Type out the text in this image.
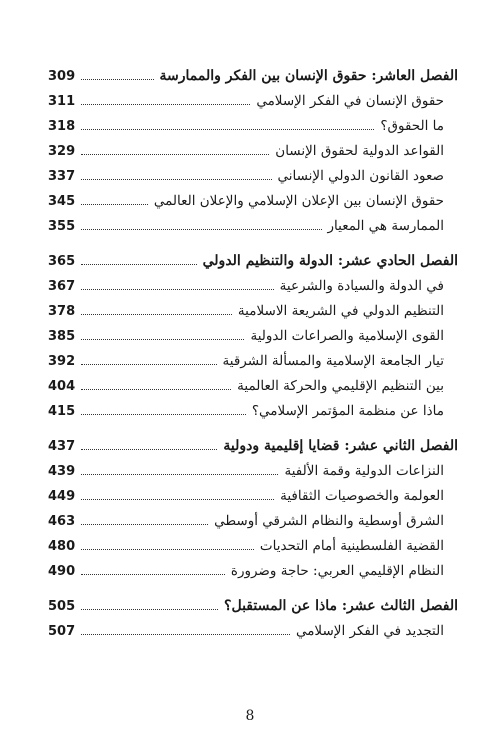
الفصل العاشر: حقوق الإنسان بين الفكر والممارسة
309
حقوق الإنسان في الفكر الإسلامي
311
ما الحقوق؟
318
القواعد الدولية لحقوق الإنسان
329
صعود القانون الدولي الإنساني
337
حقوق الإنسان بين الإعلان الإسلامي والإعلان العالمي
345
الممارسة هي المعيار
355
الفصل الحادي عشر: الدولة والتنظيم الدولي
365
في الدولة والسيادة والشرعية
367
التنظيم الدولي في الشريعة الاسلامية
378
القوى الإسلامية والصراعات الدولية
385
تيار الجامعة الإسلامية والمسألة الشرقية
392
بين التنظيم الإقليمي والحركة العالمية
404
ماذا عن منظمة المؤتمر الإسلامي؟
415
الفصل الثاني عشر: قضايا إقليمية ودولية
437
النزاعات الدولية وقمة الألفية
439
العولمة والخصوصيات الثقافية
449
الشرق أوسطية والنظام الشرقي أوسطي
463
القضية الفلسطينية أمام التحديات
480
النظام الإقليمي العربي: حاجة وضرورة
490
الفصل الثالث عشر: ماذا عن المستقبل؟
505
التجديد في الفكر الإسلامي
507
8
